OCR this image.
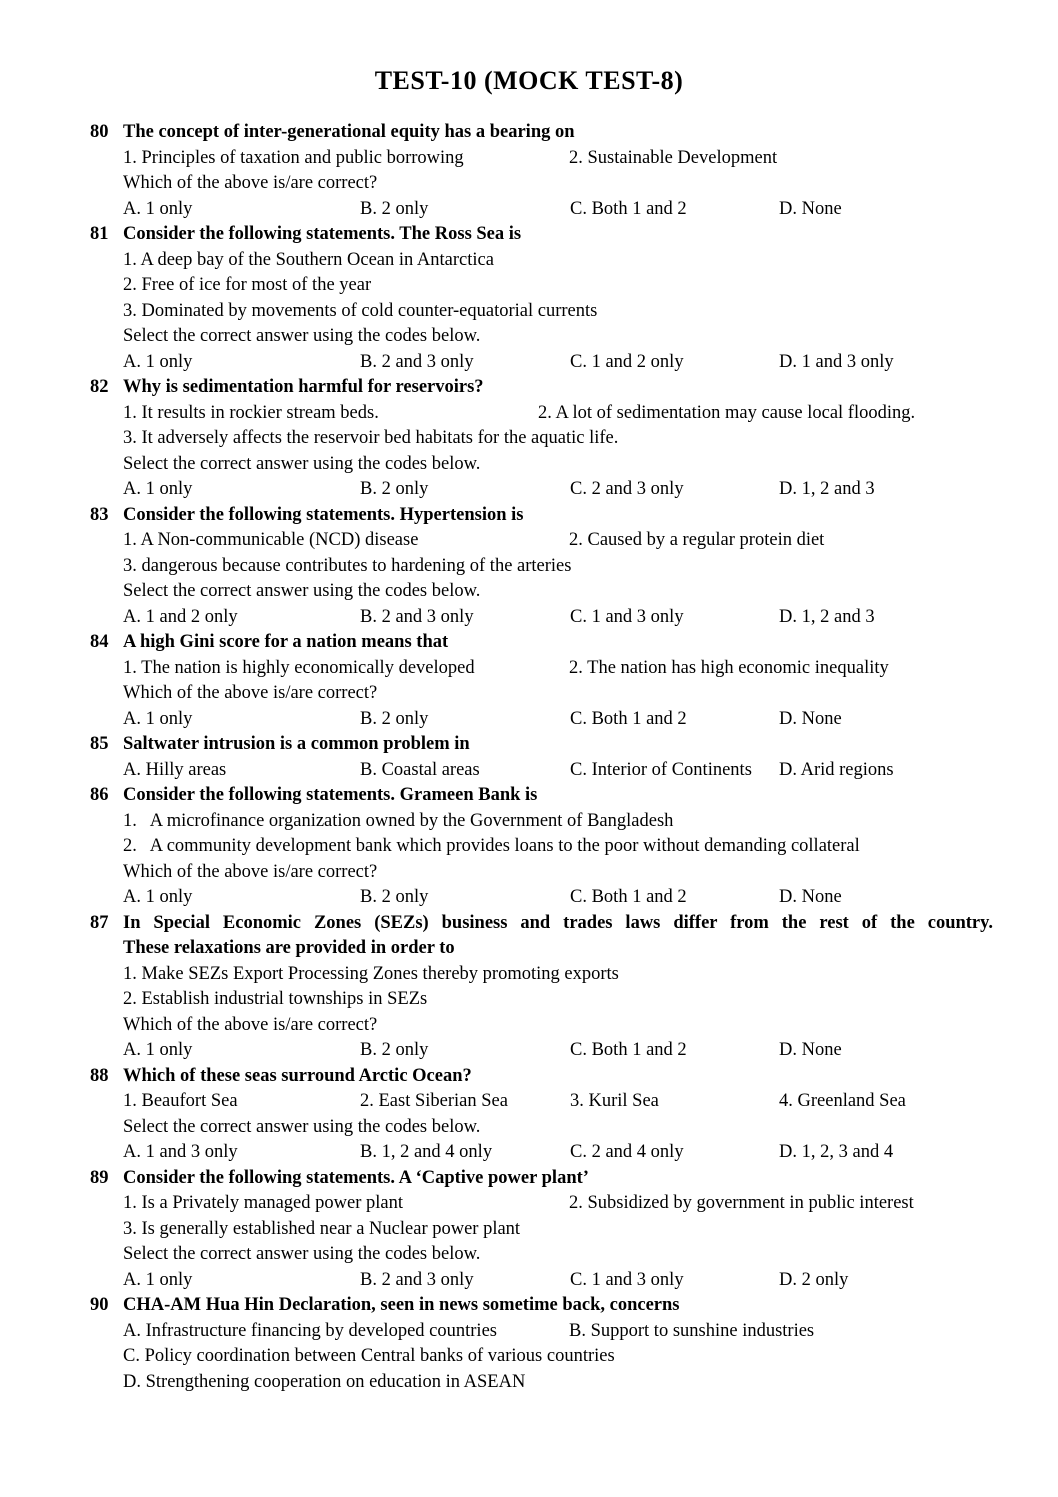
TEST-10 (MOCK TEST-8)
80 The concept of inter-generational equity has a bearing on
1. Principles of taxation and public borrowing	2. Sustainable Development
Which of the above is/are correct?
A. 1 only	B. 2 only	C. Both 1 and 2	D. None
81 Consider the following statements. The Ross Sea is
1. A deep bay of the Southern Ocean in Antarctica
2. Free of ice for most of the year
3. Dominated by movements of cold counter-equatorial currents
Select the correct answer using the codes below.
A. 1 only	B. 2 and 3 only	C. 1 and 2 only	D. 1 and 3 only
82 Why is sedimentation harmful for reservoirs?
1. It results in rockier stream beds.	2. A lot of sedimentation may cause local flooding.
3. It adversely affects the reservoir bed habitats for the aquatic life.
Select the correct answer using the codes below.
A. 1 only	B. 2 only	C. 2 and 3 only	D. 1, 2 and 3
83 Consider the following statements. Hypertension is
1. A Non-communicable (NCD) disease	2. Caused by a regular protein diet
3. dangerous because contributes to hardening of the arteries
Select the correct answer using the codes below.
A. 1 and 2 only	B. 2 and 3 only	C. 1 and 3 only	D. 1, 2 and 3
84 A high Gini score for a nation means that
1. The nation is highly economically developed	2. The nation has high economic inequality
Which of the above is/are correct?
A. 1 only	B. 2 only	C. Both 1 and 2	D. None
85 Saltwater intrusion is a common problem in
A. Hilly areas	B. Coastal areas	C. Interior of Continents	D. Arid regions
86 Consider the following statements. Grameen Bank is
1.   A microfinance organization owned by the Government of Bangladesh
2.   A community development bank which provides loans to the poor without demanding collateral
Which of the above is/are correct?
A. 1 only	B. 2 only	C. Both 1 and 2	D. None
87 In Special Economic Zones (SEZs) business and trades laws differ from the rest of the country.
These relaxations are provided in order to
1. Make SEZs Export Processing Zones thereby promoting exports
2. Establish industrial townships in SEZs
Which of the above is/are correct?
A. 1 only	B. 2 only	C. Both 1 and 2	D. None
88 Which of these seas surround Arctic Ocean?
1. Beaufort Sea	2. East Siberian Sea	3. Kuril Sea	4. Greenland Sea
Select the correct answer using the codes below.
A. 1 and 3 only	B. 1, 2 and 4 only	C. 2 and 4 only	D. 1, 2, 3 and 4
89 Consider the following statements. A ‘Captive power plant’
1. Is a Privately managed power plant	2. Subsidized by government in public interest
3. Is generally established near a Nuclear power plant
Select the correct answer using the codes below.
A. 1 only	B. 2 and 3 only	C. 1 and 3 only	D. 2 only
90 CHA-AM Hua Hin Declaration, seen in news sometime back, concerns
A. Infrastructure financing by developed countries	B. Support to sunshine industries
C. Policy coordination between Central banks of various countries
D. Strengthening cooperation on education in ASEAN
